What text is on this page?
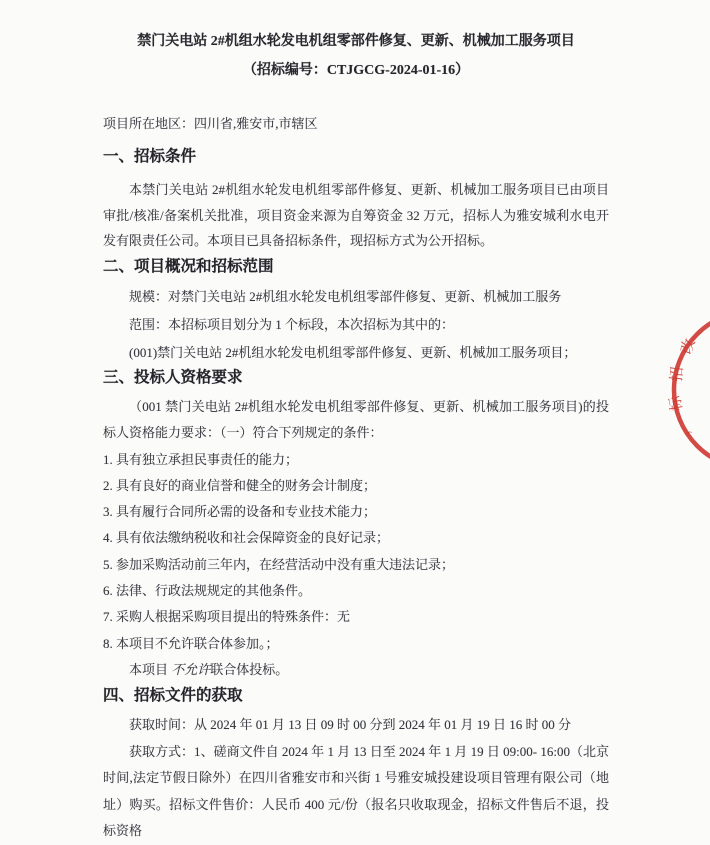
禁门关电站 2#机组水轮发电机组零部件修复、更新、机械加工服务项目
（招标编号：CTJGCG-2024-01-16）
项目所在地区：四川省,雅安市,市辖区
一、招标条件
本禁门关电站 2#机组水轮发电机组零部件修复、更新、机械加工服务项目已由项目审批/核准/备案机关批准，项目资金来源为自筹资金 32 万元，招标人为雅安城利水电开发有限责任公司。本项目已具备招标条件，现招标方式为公开招标。
二、项目概况和招标范围
规模：对禁门关电站 2#机组水轮发电机组零部件修复、更新、机械加工服务
范围：本招标项目划分为 1 个标段，本次招标为其中的：
(001)禁门关电站 2#机组水轮发电机组零部件修复、更新、机械加工服务项目；
三、投标人资格要求
（001 禁门关电站 2#机组水轮发电机组零部件修复、更新、机械加工服务项目)的投标人资格能力要求：（一）符合下列规定的条件：
1. 具有独立承担民事责任的能力；
2. 具有良好的商业信誉和健全的财务会计制度；
3. 具有履行合同所必需的设备和专业技术能力；
4. 具有依法缴纳税收和社会保障资金的良好记录；
5. 参加采购活动前三年内，在经营活动中没有重大违法记录；
6. 法律、行政法规规定的其他条件。
7. 采购人根据采购项目提出的特殊条件：无
8. 本项目不允许联合体参加。；
本项目 不允许联合体投标。
四、招标文件的获取
获取时间：从 2024 年 01 月 13 日 09 时 00 分到 2024 年 01 月 19 日 16 时 00 分
获取方式：1、磋商文件自 2024 年 1 月 13 日至 2024 年 1 月 19 日 09:00- 16:00（北京时间,法定节假日除外）在四川省雅安市和兴街 1 号雅安城投建设项目管理有限公司（地址）购买。招标文件售价：人民币 400 元/份（报名只收取现金，招标文件售后不退，投标资格
改
招
标
，
